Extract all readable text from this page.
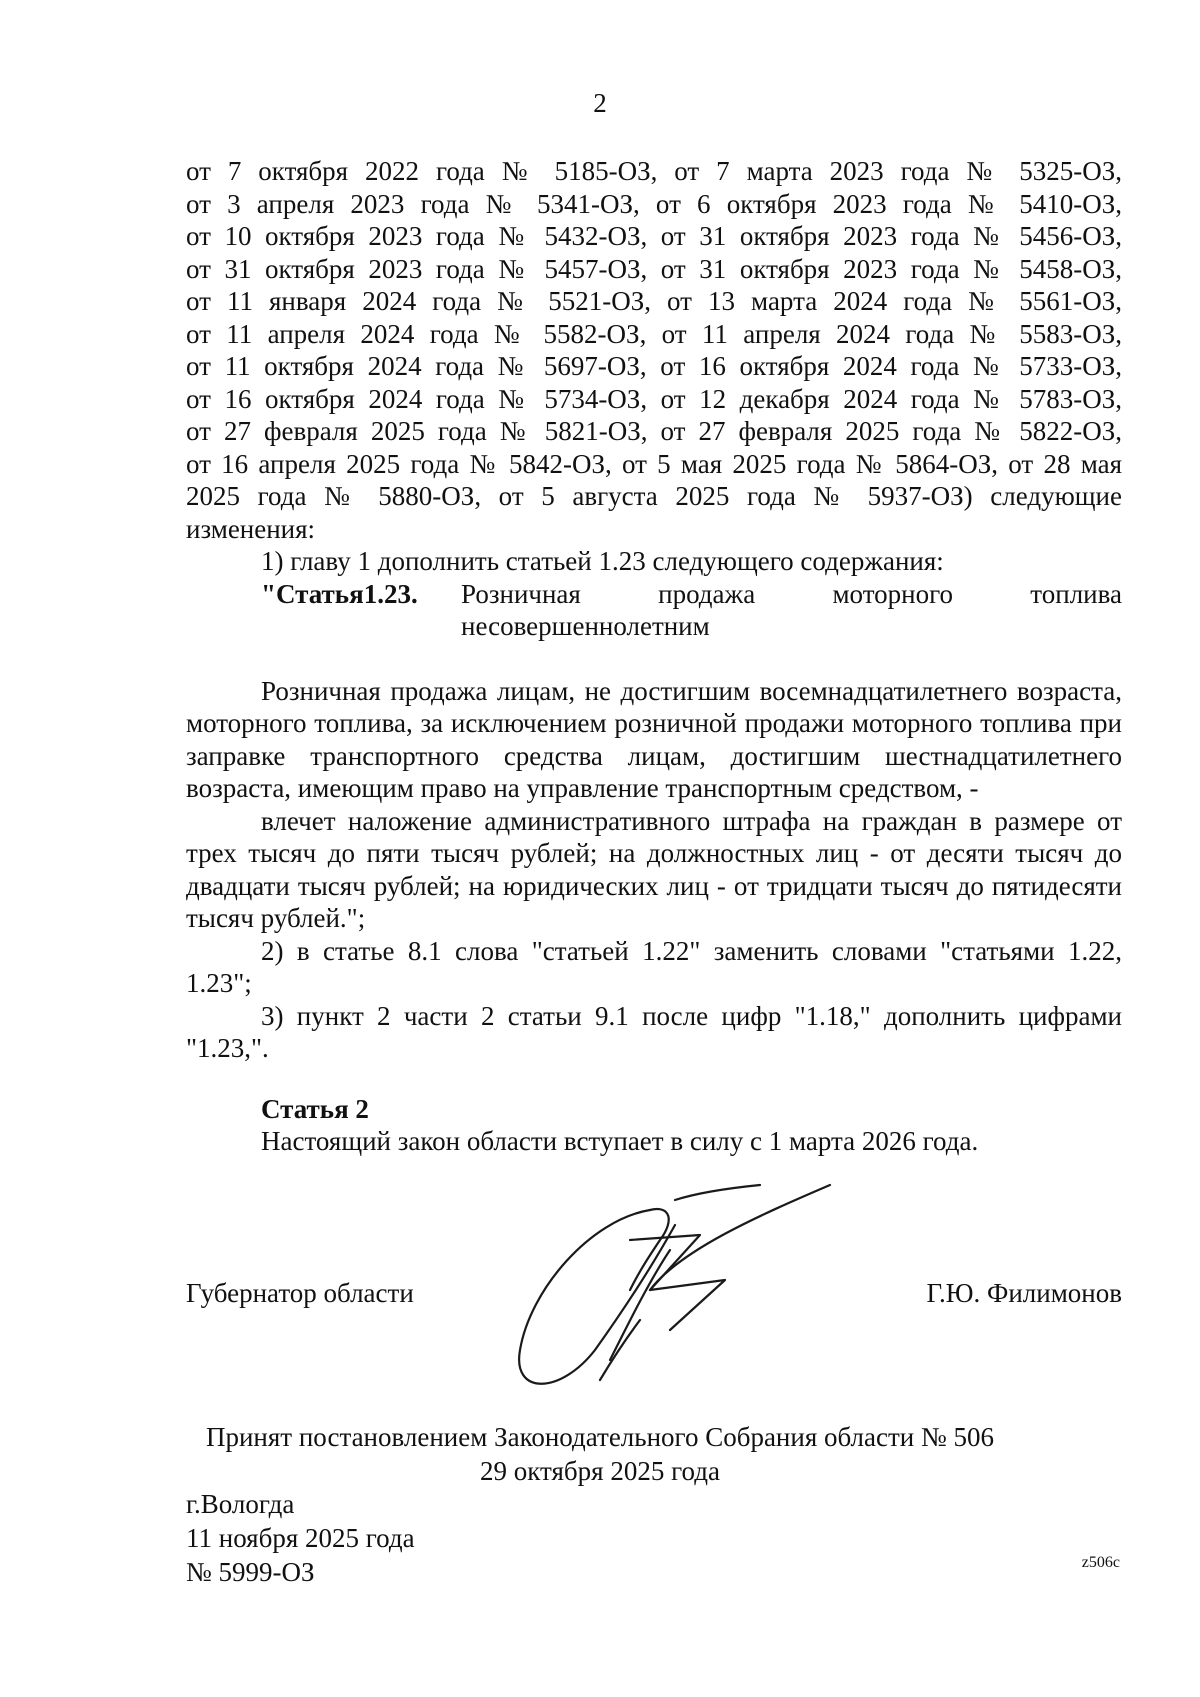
2

от 7 октября 2022 года № 5185-ОЗ, от 7 марта 2023 года № 5325-ОЗ,

от 3 апреля 2023 года № 5341-ОЗ, от 6 октября 2023 года № 5410-ОЗ,

от 10 октября 2023 года № 5432-ОЗ, от 31 октября 2023 года № 5456-ОЗ,

от 31 октября 2023 года № 5457-ОЗ, от 31 октября 2023 года № 5458-ОЗ,

от 11 января 2024 года № 5521-ОЗ, от 13 марта 2024 года № 5561-ОЗ,

от 11 апреля 2024 года № 5582-ОЗ, от 11 апреля 2024 года № 5583-ОЗ,

от 11 октября 2024 года № 5697-ОЗ, от 16 октября 2024 года № 5733-ОЗ,

от 16 октября 2024 года № 5734-ОЗ, от 12 декабря 2024 года № 5783-ОЗ,

от 27 февраля 2025 года № 5821-ОЗ, от 27 февраля 2025 года № 5822-ОЗ,

от 16 апреля 2025 года № 5842-ОЗ, от 5 мая 2025 года № 5864-ОЗ, от 28 мая

2025 года № 5880-ОЗ, от 5 августа 2025 года № 5937-ОЗ) следующие

изменения:

1) главу 1 дополнить статьей 1.23 следующего содержания:

"Статья 1.23. Розничная продажа моторного топлива
несовершеннолетним

Розничная продажа лицам, не достигшим восемнадцатилетнего возраста, моторного топлива, за исключением розничной продажи моторного топлива при заправке транспортного средства лицам, достигшим шестнадцатилетнего возраста, имеющим право на управление транспортным средством, -

влечет наложение административного штрафа на граждан в размере от трех тысяч до пяти тысяч рублей; на должностных лиц - от десяти тысяч до двадцати тысяч рублей; на юридических лиц - от тридцати тысяч до пятидесяти тысяч рублей.";

2) в статье 8.1 слова "статьей 1.22" заменить словами "статьями 1.22, 1.23";

3) пункт 2 части 2 статьи 9.1 после цифр "1.18," дополнить цифрами "1.23,".

Статья 2
Настоящий закон области вступает в силу с 1 марта 2026 года.
Губернатор области	Г.Ю. Филимонов
Принят постановлением Законодательного Собрания области № 506
29 октября 2025 года
г.Вологда
11 ноября 2025 года
№ 5999-ОЗ	z506c
